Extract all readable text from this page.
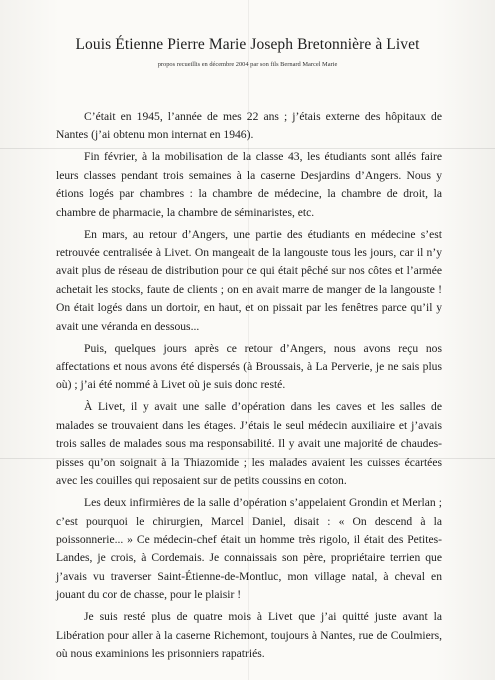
Louis Étienne Pierre Marie Joseph Bretonnière à Livet
propos recueillis en décembre 2004 par son fils Bernard Marcel Marie

C’était en 1945, l’année de mes 22 ans ; j’étais externe des hôpitaux de Nantes (j’ai obtenu mon internat en 1946).

Fin février, à la mobilisation de la classe 43, les étudiants sont allés faire leurs classes pendant trois semaines à la caserne Desjardins d’Angers. Nous y étions logés par chambres : la chambre de médecine, la chambre de droit, la chambre de pharmacie, la chambre de séminaristes, etc.

En mars, au retour d’Angers, une partie des étudiants en médecine s’est retrouvée centralisée à Livet. On mangeait de la langouste tous les jours, car il n’y avait plus de réseau de distribution pour ce qui était pêché sur nos côtes et l’armée achetait les stocks, faute de clients ; on en avait marre de manger de la langouste ! On était logés dans un dortoir, en haut, et on pissait par les fenêtres parce qu’il y avait une véranda en dessous...

Puis, quelques jours après ce retour d’Angers, nous avons reçu nos affectations et nous avons été dispersés (à Broussais, à La Perverie, je ne sais plus où) ; j’ai été nommé à Livet où je suis donc resté.

À Livet, il y avait une salle d’opération dans les caves et les salles de malades se trouvaient dans les étages. J’étais le seul médecin auxiliaire et j’avais trois salles de malades sous ma responsabilité. Il y avait une majorité de chaudes-pisses qu’on soignait à la Thiazomide ; les malades avaient les cuisses écartées avec les couilles qui reposaient sur de petits coussins en coton.

Les deux infirmières de la salle d’opération s’appelaient Grondin et Merlan ; c’est pourquoi le chirurgien, Marcel Daniel, disait : « On descend à la poissonnerie... » Ce médecin-chef était un homme très rigolo, il était des Petites-Landes, je crois, à Cordemais. Je connaissais son père, propriétaire terrien que j’avais vu traverser Saint-Étienne-de-Montluc, mon village natal, à cheval en jouant du cor de chasse, pour le plaisir !

Je suis resté plus de quatre mois à Livet que j’ai quitté juste avant la Libération pour aller à la caserne Richemont, toujours à Nantes, rue de Coulmiers, où nous examinions les prisonniers rapatriés.
